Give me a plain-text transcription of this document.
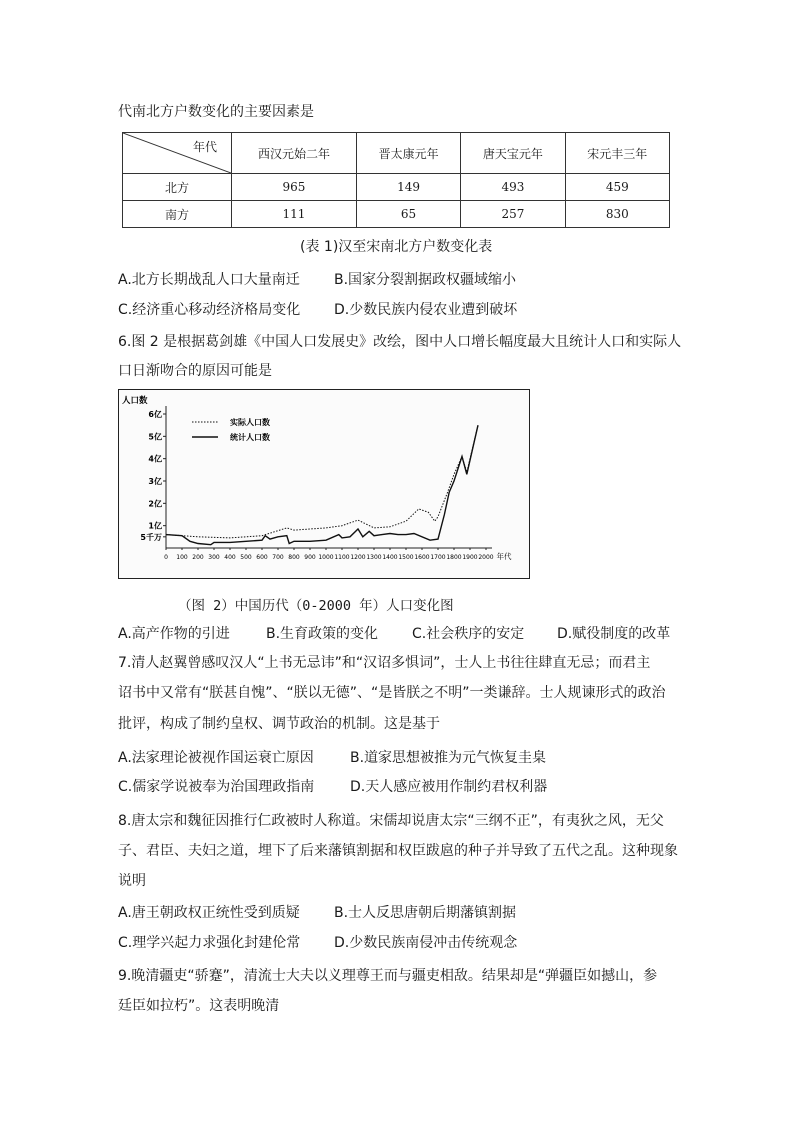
代南北方户数变化的主要因素是
年代	西汉元始二年	晋太康元年	唐天宝元年	宋元丰三年
北方	965	149	493	459
南方	111	65	257	830
(表 1)汉至宋南北方户数变化表
A.北方长期战乱人口大量南迁 B.国家分裂割据政权疆域缩小
C.经济重心移动经济格局变化 D.少数民族内侵农业遭到破坏
6.图 2 是根据葛剑雄《中国人口发展史》改绘，图中人口增长幅度最大且统计人口和实际人
口日渐吻合的原因可能是
人口数
5千万
1亿
2亿
3亿
4亿
5亿
6亿
0 100 200 300 400 500 600 700 800 900 1000 1100 1200 1300 1400 1500 1600 1700 1800 1900 2000 年代
实际人口数
统计人口数
（图 2）中国历代（0-2000 年）人口变化图
A.高产作物的引进	B.生育政策的变化 C.社会秩序的安定 D.赋役制度的改革
7.清人赵翼曾感叹汉人“上书无忌讳”和“汉诏多惧词”，士人上书往往肆直无忌；而君主
诏书中又常有“朕甚自愧”、“朕以无德”、“是皆朕之不明”一类谦辞。士人规谏形式的政治
批评，构成了制约皇权、调节政治的机制。这是基于
A.法家理论被视作国运衰亡原因	B.道家思想被推为元气恢复圭臬
C.儒家学说被奉为治国理政指南	D.天人感应被用作制约君权利器
8.唐太宗和魏征因推行仁政被时人称道。宋儒却说唐太宗“三纲不正”，有夷狄之风，无父
子、君臣、夫妇之道，埋下了后来藩镇割据和权臣跋扈的种子并导致了五代之乱。这种现象
说明
A.唐王朝政权正统性受到质疑 B.士人反思唐朝后期藩镇割据
C.理学兴起力求强化封建伦常 D.少数民族南侵冲击传统观念
9.晚清疆吏“骄蹇”，清流士大夫以义理尊王而与疆吏相敌。结果却是“弹疆臣如撼山，参
廷臣如拉朽”。这表明晚清
